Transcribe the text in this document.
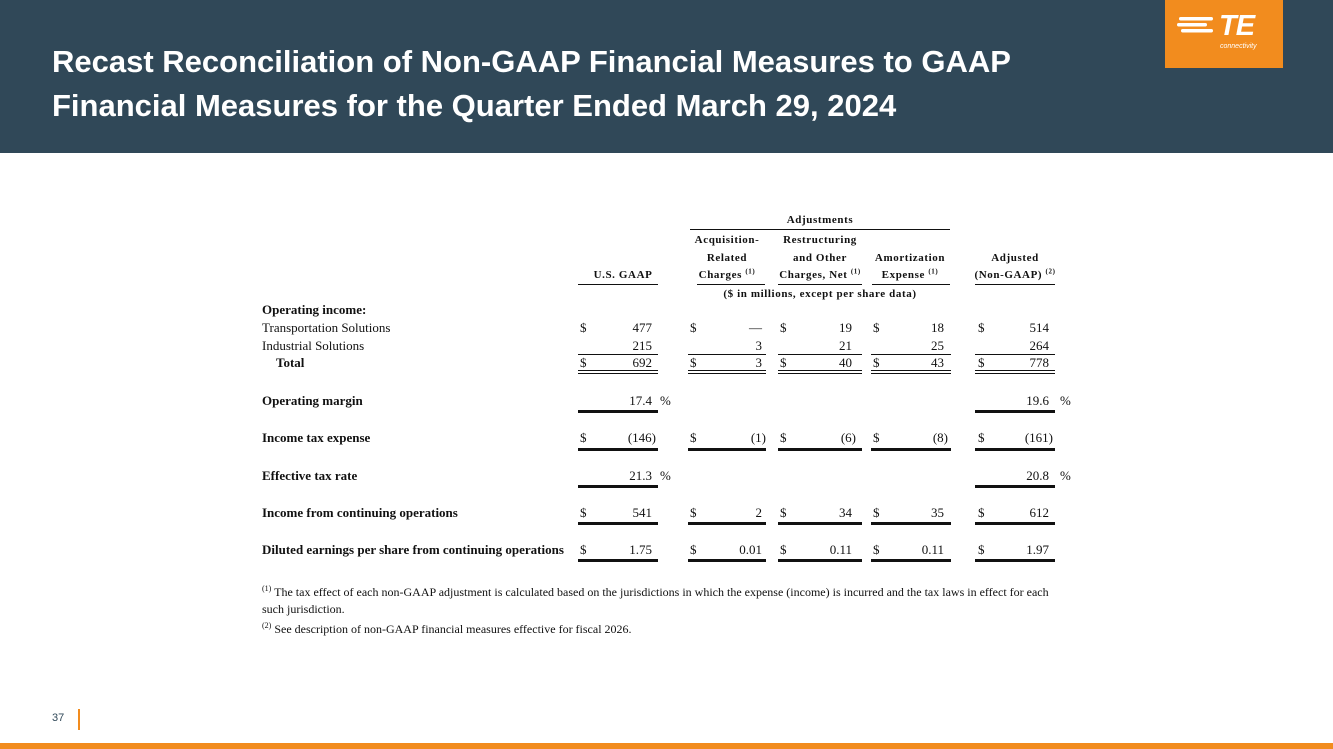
Recast Reconciliation of Non-GAAP Financial Measures to GAAP
Financial Measures for the Quarter Ended March 29, 2024
TE
connectivity
Adjustments
Acquisition-
Related
Charges $^{(1)}$
Restructuring
and Other
Charges, Net $^{(1)}$
Amortization
Expense $^{(1)}$
Adjusted
(Non-GAAP) $^{(2)}$
U.S. GAAP
($ in millions, except per share data)
Operating income:
Transportation Solutions	$	477	$	— $	19 $	18	$	514
Industrial Solutions	215	3	21	25	264
Total	$	692	$	3 $	40 $	43	$	778
Operating margin	17.4 %	19.6 %
Income tax expense	$	(146)	$	(1) $	(6) $	(8) $	(161)
Effective tax rate	21.3 %	20.8 %
Income from continuing operations	$	541	$	2 $	34 $	35	$	612
Diluted earnings per share from continuing operations $	1.75	$	0.01 $	0.11 $	0.11	$	1.97
$^{(1)}$ The tax effect of each non-GAAP adjustment is calculated based on the jurisdictions in which the expense (income) is incurred and the tax laws in effect for each such jurisdiction.
$^{(2)}$ See description of non-GAAP financial measures effective for fiscal 2026.
37
